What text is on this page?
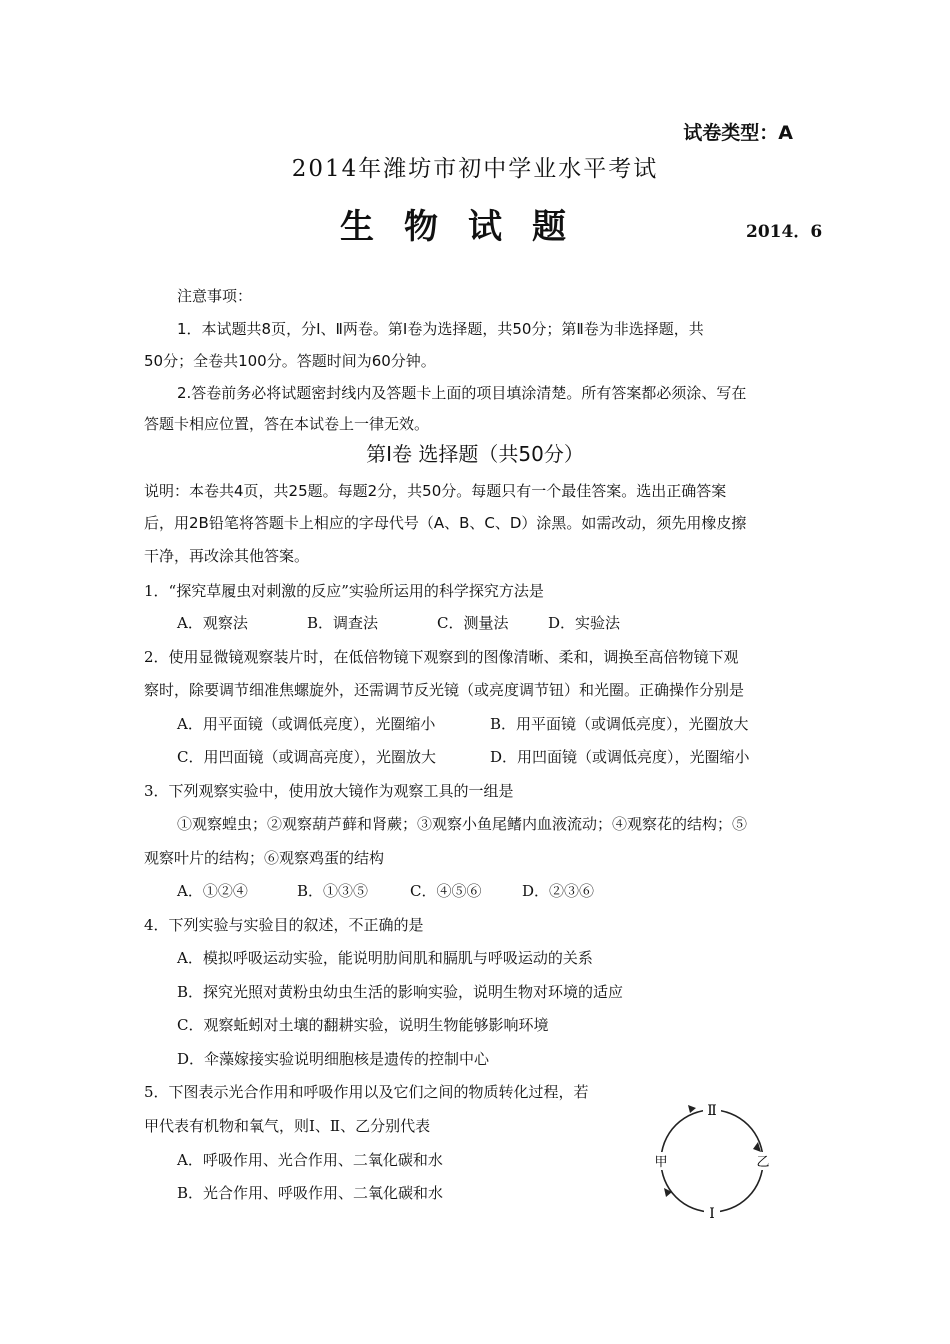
试卷类型：A
2014年潍坊市初中学业水平考试
生物试题	2014．6
注意事项：
1．本试题共8页，分Ⅰ、Ⅱ两卷。第Ⅰ卷为选择题，共50分；第Ⅱ卷为非选择题，共
50分；全卷共100分。答题时间为60分钟。
2.答卷前务必将试题密封线内及答题卡上面的项目填涂清楚。所有答案都必须涂、写在
答题卡相应位置，答在本试卷上一律无效。
第Ⅰ卷 选择题（共50分）
说明：本卷共4页，共25题。每题2分，共50分。每题只有一个最佳答案。选出正确答案
后，用2B铅笔将答题卡上相应的字母代号（A、B、C、D）涂黑。如需改动，须先用橡皮擦
干净，再改涂其他答案。
1．“探究草履虫对刺激的反应”实验所运用的科学探究方法是
A．观察法	B．调查法	C．测量法	D．实验法
2．使用显微镜观察装片时，在低倍物镜下观察到的图像清晰、柔和，调换至高倍物镜下观
察时，除要调节细准焦螺旋外，还需调节反光镜（或亮度调节钮）和光圈。正确操作分别是
A．用平面镜（或调低亮度），光圈缩小	B．用平面镜（或调低亮度），光圈放大
C．用凹面镜（或调高亮度），光圈放大	D．用凹面镜（或调低亮度），光圈缩小
3．下列观察实验中，使用放大镜作为观察工具的一组是
①观察蝗虫；②观察葫芦藓和肾蕨；③观察小鱼尾鳍内血液流动；④观察花的结构；⑤
观察叶片的结构；⑥观察鸡蛋的结构
A．①②④	B．①③⑤	C．④⑤⑥	D．②③⑥
4．下列实验与实验目的叙述，不正确的是
A．模拟呼吸运动实验，能说明肋间肌和膈肌与呼吸运动的关系
B．探究光照对黄粉虫幼虫生活的影响实验，说明生物对环境的适应
C．观察蚯蚓对土壤的翻耕实验，说明生物能够影响环境
D．伞藻嫁接实验说明细胞核是遗传的控制中心
5．下图表示光合作用和呼吸作用以及它们之间的物质转化过程，若
甲代表有机物和氧气，则Ⅰ、Ⅱ、乙分别代表
A．呼吸作用、光合作用、二氧化碳和水
B．光合作用、呼吸作用、二氧化碳和水
Ⅱ
Ⅰ
甲	乙
